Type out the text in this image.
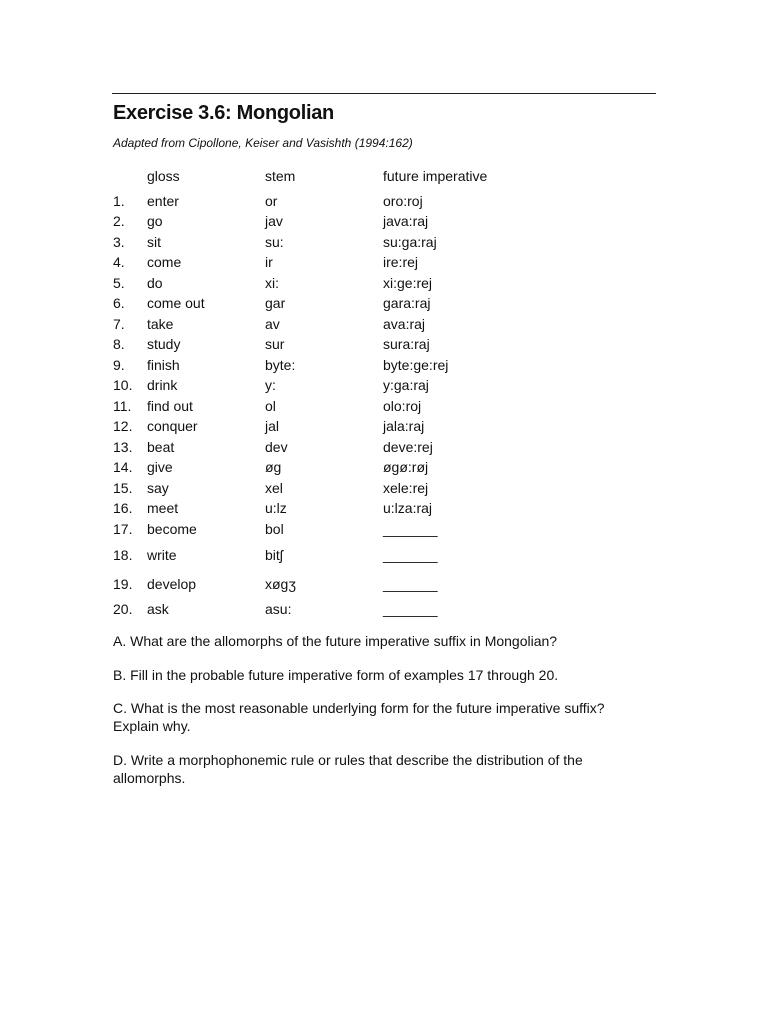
Exercise 3.6: Mongolian
Adapted from Cipollone, Keiser and Vasishth (1994:162)
gloss	stem	future imperative
1. enter	or	oro:roj
2. go	jav	java:raj
3. sit	su:	su:ga:raj
4. come	ir	ire:rej
5. do	xi:	xi:ge:rej
6. come out	gar	gara:raj
7. take	av	ava:raj
8. study	sur	sura:raj
9. finish	byte:	byte:ge:rej
10. drink	y:	y:ga:raj
11. find out	ol	olo:roj
12. conquer	jal	jala:raj
13. beat	dev	deve:rej
14. give	øg	øgø:røj
15. say	xel	xele:rej
16. meet	u:lz	u:lza:raj
17. become	bol	_______
18. write	bitʃ	_______
19. develop	xøgʒ	_______
20. ask	asu:	_______
A. What are the allomorphs of the future imperative suffix in Mongolian?
B. Fill in the probable future imperative form of examples 17 through 20.
C. What is the most reasonable underlying form for the future imperative suffix? Explain why.
D. Write a morphophonemic rule or rules that describe the distribution of the allomorphs.
